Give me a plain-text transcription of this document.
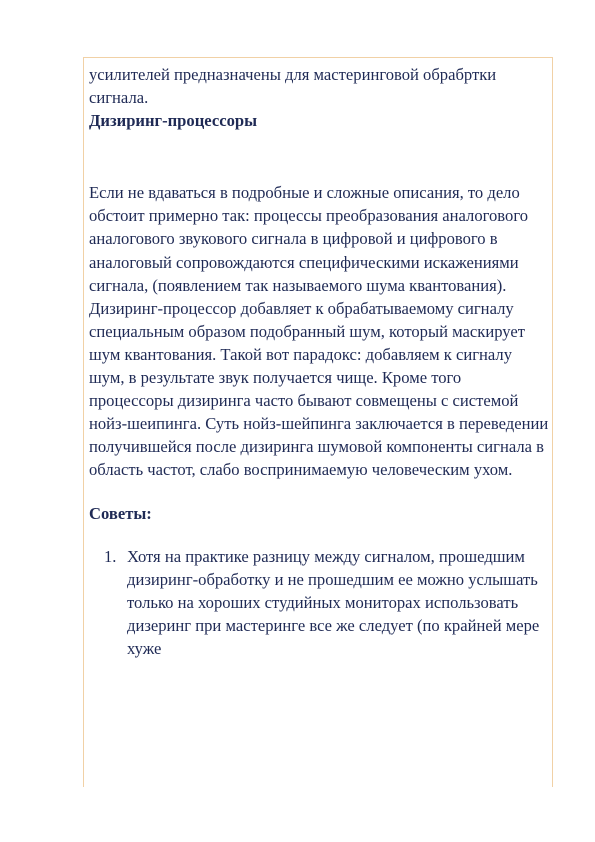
усилителей предназначены для мастеринговой обрабртки сигнала.

Дизиринг-процессоры

Если не вдаваться в подробные и сложные описания, то дело обстоит примерно так: процессы преобразования аналогового аналогового звукового сигнала в цифровой и цифрового в аналоговый сопровождаются специфическими искажениями сигнала, (появлением так называемого шума квантования). Дизиринг-процессор добавляет к обрабатываемому сигналу специальным образом подобранный шум, который маскирует шум квантования. Такой вот парадокс: добавляем к сигналу шум, в результате звук получается чище. Кроме того процессоры дизиринга часто бывают совмещены с системой нойз-шеипинга. Суть нойз-шейпинга заключается в переведении получившейся после дизиринга шумовой компоненты сигнала в область частот, слабо воспринимаемую человеческим ухом.

Советы:

1. Хотя на практике разницу между сигналом, прошедшим дизиринг-обработку и не прошедшим ее можно услышать только на хороших студийных мониторах использовать дизеринг при мастеринге все же следует (по крайней мере хуже
